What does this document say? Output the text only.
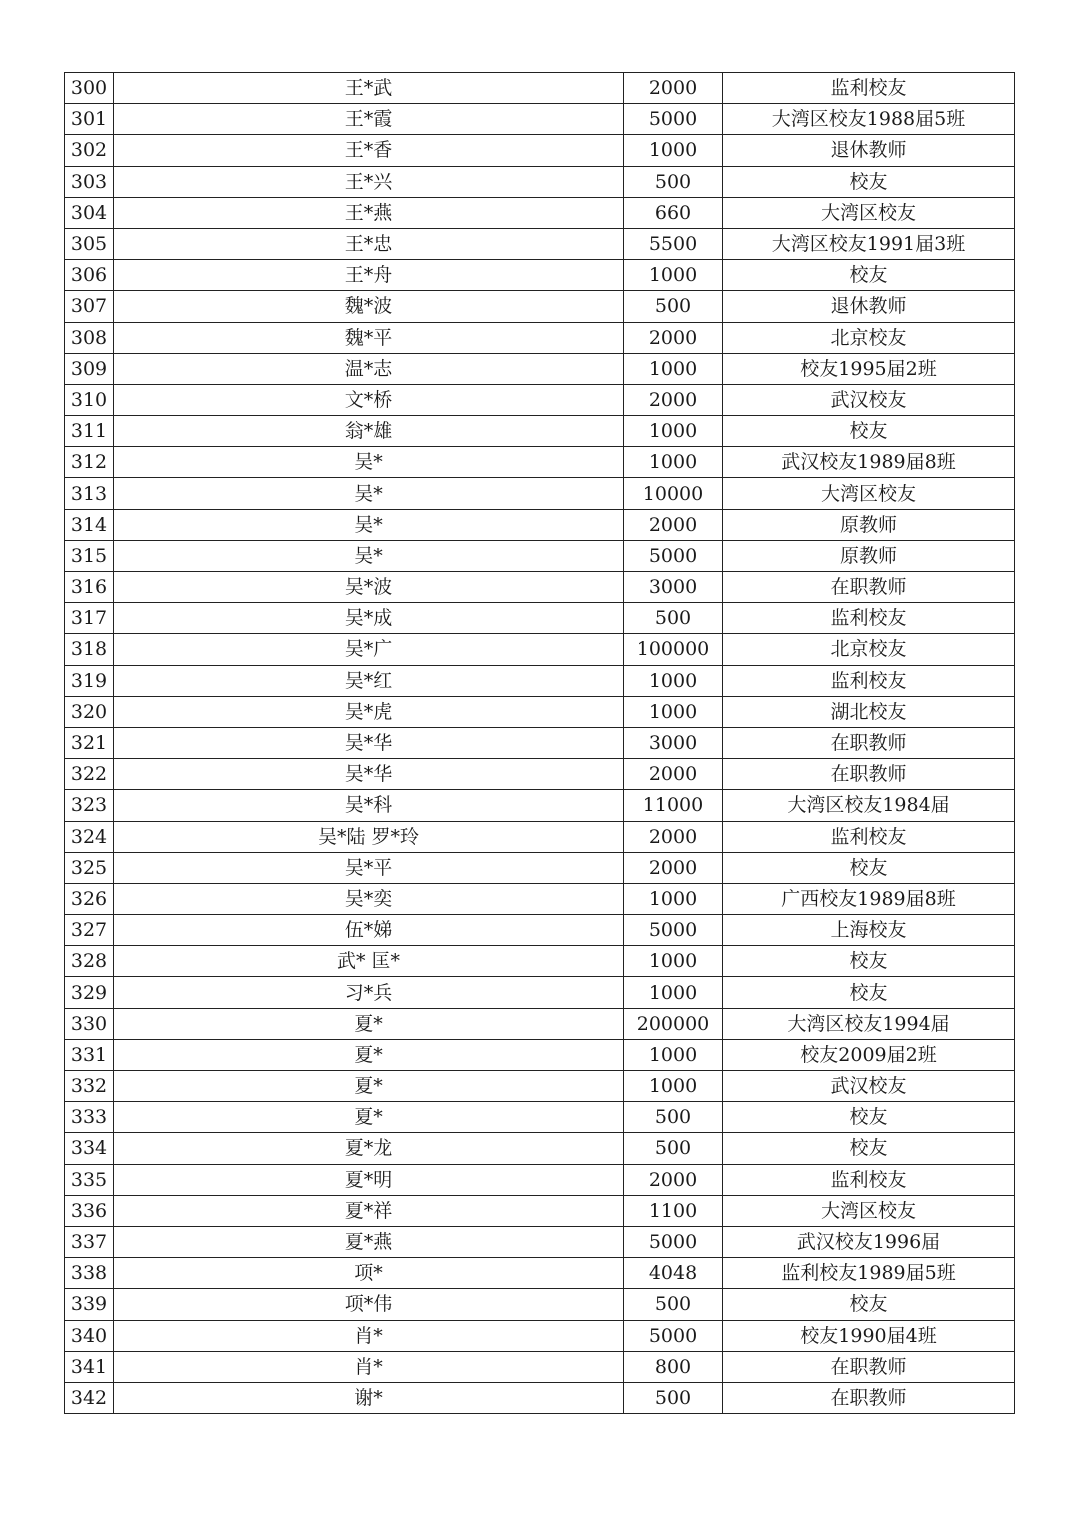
300	王*武	2000	监利校友
301	王*霞	5000	大湾区校友1988届5班
302	王*香	1000	退休教师
303	王*兴	500	校友
304	王*燕	660	大湾区校友
305	王*忠	5500	大湾区校友1991届3班
306	王*舟	1000	校友
307	魏*波	500	退休教师
308	魏*平	2000	北京校友
309	温*志	1000	校友1995届2班
310	文*桥	2000	武汉校友
311	翁*雄	1000	校友
312	吴*	1000	武汉校友1989届8班
313	吴*	10000	大湾区校友
314	吴*	2000	原教师
315	吴*	5000	原教师
316	吴*波	3000	在职教师
317	吴*成	500	监利校友
318	吴*广	100000	北京校友
319	吴*红	1000	监利校友
320	吴*虎	1000	湖北校友
321	吴*华	3000	在职教师
322	吴*华	2000	在职教师
323	吴*科	11000	大湾区校友1984届
324	吴*陆 罗*玲	2000	监利校友
325	吴*平	2000	校友
326	吴*奕	1000	广西校友1989届8班
327	伍*娣	5000	上海校友
328	武* 匡*	1000	校友
329	习*兵	1000	校友
330	夏*	200000	大湾区校友1994届
331	夏*	1000	校友2009届2班
332	夏*	1000	武汉校友
333	夏*	500	校友
334	夏*龙	500	校友
335	夏*明	2000	监利校友
336	夏*祥	1100	大湾区校友
337	夏*燕	5000	武汉校友1996届
338	项*	4048	监利校友1989届5班
339	项*伟	500	校友
340	肖*	5000	校友1990届4班
341	肖*	800	在职教师
342	谢*	500	在职教师
